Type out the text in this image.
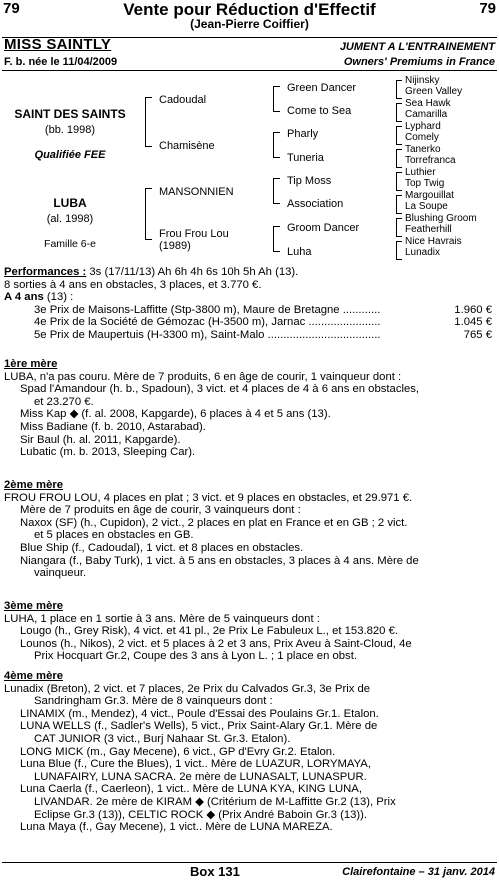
79	79
Vente pour Réduction d'Effectif
(Jean-Pierre Coiffier)
MISS SAINTLY
F. b. née le 11/04/2009
JUMENT A L'ENTRAINEMENT
Owners' Premiums in France
SAINT DES SAINTS
(bb. 1998)
Qualifiée FEE
LUBA
(al. 1998)
Famille 6-e
Cadoudal
Chamisène
MANSONNIEN
Frou Frou Lou
(1989)
Green Dancer
Come to Sea
Pharly
Tuneria
Tip Moss
Association
Groom Dancer
Luha
Nijinsky
Green Valley
Sea Hawk
Camarilla
Lyphard
Comely
Tanerko
Torrefranca
Luthier
Top Twig
Margouillat
La Soupe
Blushing Groom
Featherhill
Nice Havrais
Lunadix
Performances : 3s (17/11/13) Ah 6h 4h 6s 10h 5h Ah (13).
8 sorties à 4 ans en obstacles, 3 places, et 3.770 €.
A 4 ans (13) :
3e Prix de Maisons-Laffitte (Stp-3800 m), Maure de Bretagne ............	1.960 €
4e Prix de la Société de Gémozac (H-3500 m), Jarnac .......................	1.045 €
5e Prix de Maupertuis (H-3300 m), Saint-Malo ....................................	765 €
1ère mère
LUBA, n'a pas couru. Mère de 7 produits, 6 en âge de courir, 1 vainqueur dont :
Spad l'Amandour (h. b., Spadoun), 3 vict. et 4 places de 4 à 6 ans en obstacles,
et 23.270 €.
Miss Kap ◆ (f. al. 2008, Kapgarde), 6 places à 4 et 5 ans (13).
Miss Badiane (f. b. 2010, Astarabad).
Sir Baul (h. al. 2011, Kapgarde).
Lubatic (m. b. 2013, Sleeping Car).
2ème mère
FROU FROU LOU, 4 places en plat ; 3 vict. et 9 places en obstacles, et 29.971 €.
Mère de 7 produits en âge de courir, 3 vainqueurs dont :
Naxox (SF) (h., Cupidon), 2 vict., 2 places en plat en France et en GB ; 2 vict.
et 5 places en obstacles en GB.
Blue Ship (f., Cadoudal), 1 vict. et 8 places en obstacles.
Niangara (f., Baby Turk), 1 vict. à 5 ans en obstacles, 3 places à 4 ans. Mère de
vainqueur.
3ème mère
LUHA, 1 place en 1 sortie à 3 ans. Mère de 5 vainqueurs dont :
Lougo (h., Grey Risk), 4 vict. et 41 pl., 2e Prix Le Fabuleux L., et 153.820 €.
Lounos (h., Nikos), 2 vict. et 5 places à 2 et 3 ans, Prix Aveu à Saint-Cloud, 4e
Prix Hocquart Gr.2, Coupe des 3 ans à Lyon L. ; 1 place en obst.
4ème mère
Lunadix (Breton), 2 vict. et 7 places, 2e Prix du Calvados Gr.3, 3e Prix de
Sandringham Gr.3. Mère de 8 vainqueurs dont :
LINAMIX (m., Mendez), 4 vict., Poule d'Essai des Poulains Gr.1. Etalon.
LUNA WELLS (f., Sadler's Wells), 5 vict., Prix Saint-Alary Gr.1. Mère de
CAT JUNIOR (3 vict., Burj Nahaar St. Gr.3. Etalon).
LONG MICK (m., Gay Mecene), 6 vict., GP d'Evry Gr.2. Etalon.
Luna Blue (f., Cure the Blues), 1 vict.. Mère de LUAZUR, LORYMAYA,
LUNAFAIRY, LUNA SACRA. 2e mère de LUNASALT, LUNASPUR.
Luna Caerla (f., Caerleon), 1 vict.. Mère de LUNA KYA, KING LUNA,
LIVANDAR. 2e mère de KIRAM ◆ (Critérium de M-Laffitte Gr.2 (13), Prix
Eclipse Gr.3 (13)), CELTIC ROCK ◆ (Prix André Baboin Gr.3 (13)).
Luna Maya (f., Gay Mecene), 1 vict.. Mère de LUNA MAREZA.
Box 131	Clairefontaine – 31 janv. 2014
